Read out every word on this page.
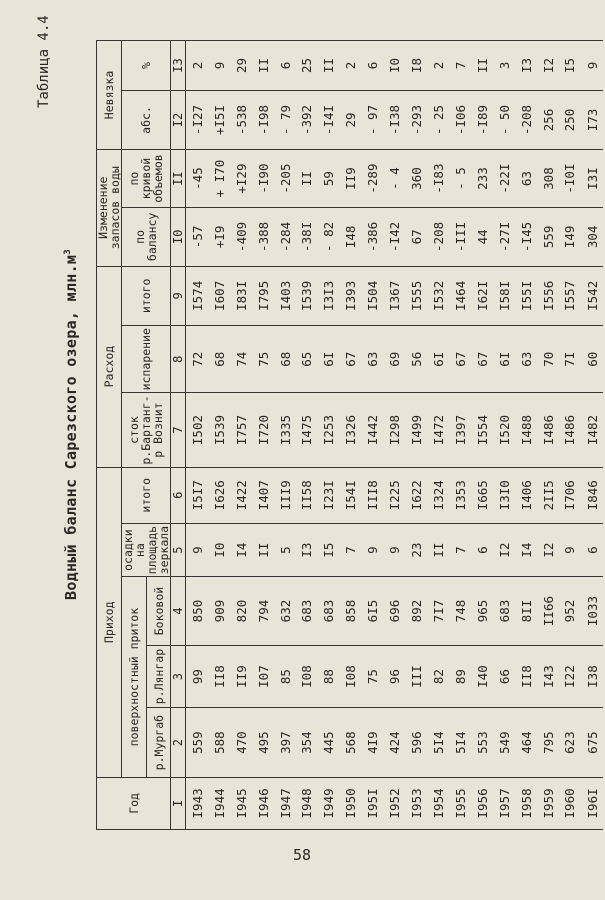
Таблица 4.4
Водный баланс Сарезского озера, $млн.м^3$
Год	Приход					Расход			Изменение запасов воды		Невязка	
	поверхностный приток			осадки на площадь зеркала	итого	сток р.Бартанг-р Вознит	испарение	итого	по балансу	по кривой объемов	абс.	%
	р.Мургаб	р.Лянгар	Боковой									
I	2	3	4	5	6	7	8	9	I0	II	I2	I3
I943	559	99	850	9	I5I7	I502	72	I574	-57	-45	-I27	2
I944	588	II8	909	I0	I626	I539	68	I607	+I9	+ I70	+I5I	9
I945	470	II9	820	I4	I422	I757	74	I83I	-409	+I29	-538	29
I946	495	I07	794	II	I407	I720	75	I795	-388	-I90	-I98	II
I947	397	85	632	5	III9	I335	68	I403	-284	-205	- 79	6
I948	354	I08	683	I3	II58	I475	65	I539	-38I	II	-392	25
I949	445	88	683	I5	I23I	I253	6I	I3I3	- 82	59	-I4I	II
I950	568	I08	858	7	I54I	I326	67	I393	I48	II9	29	2
I95I	4I9	75	6I5	9	III8	I442	63	I504	-386	-289	- 97	6
I952	424	96	696	9	I225	I298	69	I367	-I42	- 4	-I38	I0
I953	596	III	892	23	I622	I499	56	I555	67	360	-293	I8
I954	5I4	82	7I7	II	I324	I472	6I	I532	-208	-I83	- 25	2
I955	5I4	89	748	7	I353	I397	67	I464	-III	- 5	-I06	7
I956	553	I40	965	6	I665	I554	67	I62I	44	233	-I89	II
I957	549	66	683	I2	I3I0	I520	6I	I58I	-27I	-22I	- 50	3
I958	464	II8	8II	I4	I406	I488	63	I55I	-I45	63	-208	I3
I959	795	I43	II66	I2	2II5	I486	70	I556	559	308	256	I2
I960	623	I22	952	9	I706	I486	7I	I557	I49	-I0I	250	I5
I96I	675	I38	I033	6	I846	I482	60	I542	304	I3I	I73	9
58
